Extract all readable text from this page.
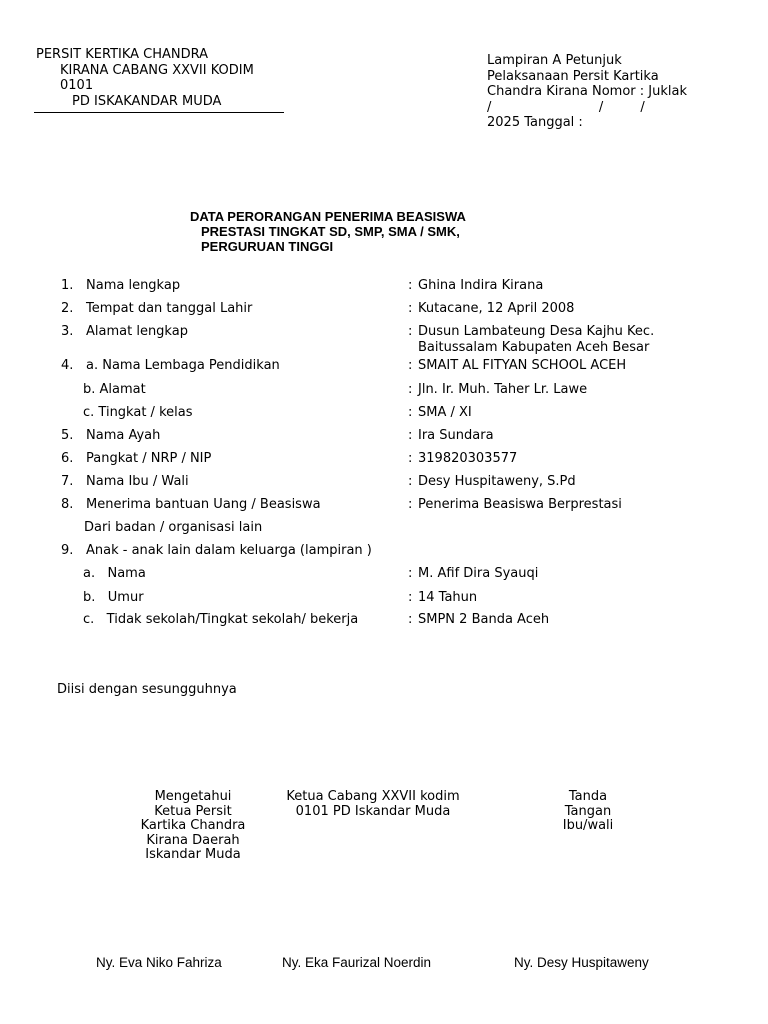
PERSIT KERTIKA CHANDRA
KIRANA CABANG XXVII KODIM
0101
PD ISKAKANDAR MUDA
Lampiran A Petunjuk
Pelaksanaan Persit Kartika
Chandra Kirana Nomor : Juklak
/                          /         /
2025 Tanggal :
DATA PERORANGAN PENERIMA BEASISWA
PRESTASI TINGKAT SD, SMP, SMA / SMK,
PERGURUAN TINGGI
1. Nama lengkap	: Ghina Indira Kirana
2. Tempat dan tanggal Lahir	: Kutacane, 12 April 2008
3. Alamat lengkap	: Dusun Lambateung Desa Kajhu Kec.
Baitussalam Kabupaten Aceh Besar
4. a. Nama Lembaga Pendidikan	: SMAIT AL FITYAN SCHOOL ACEH
b. Alamat	: Jln. Ir. Muh. Taher Lr. Lawe
c. Tingkat / kelas	: SMA / XI
5. Nama Ayah	: Ira Sundara
6. Pangkat / NRP / NIP	: 319820303577
7. Nama Ibu / Wali	: Desy Huspitaweny, S.Pd
8. Menerima bantuan Uang / Beasiswa	: Penerima Beasiswa Berprestasi
Dari badan / organisasi lain
9. Anak - anak lain dalam keluarga (lampiran )
a.   Nama	: M. Afif Dira Syauqi
b.   Umur	: 14 Tahun
c.   Tidak sekolah/Tingkat sekolah/ bekerja	: SMPN 2 Banda Aceh
Diisi dengan sesungguhnya
Mengetahui
Ketua Persit
Kartika Chandra
Kirana Daerah
Iskandar Muda
Ketua Cabang XXVII kodim
0101 PD Iskandar Muda
Tanda
Tangan
Ibu/wali
Ny. Eva Niko Fahriza	Ny. Eka Faurizal Noerdin	Ny. Desy Huspitaweny
